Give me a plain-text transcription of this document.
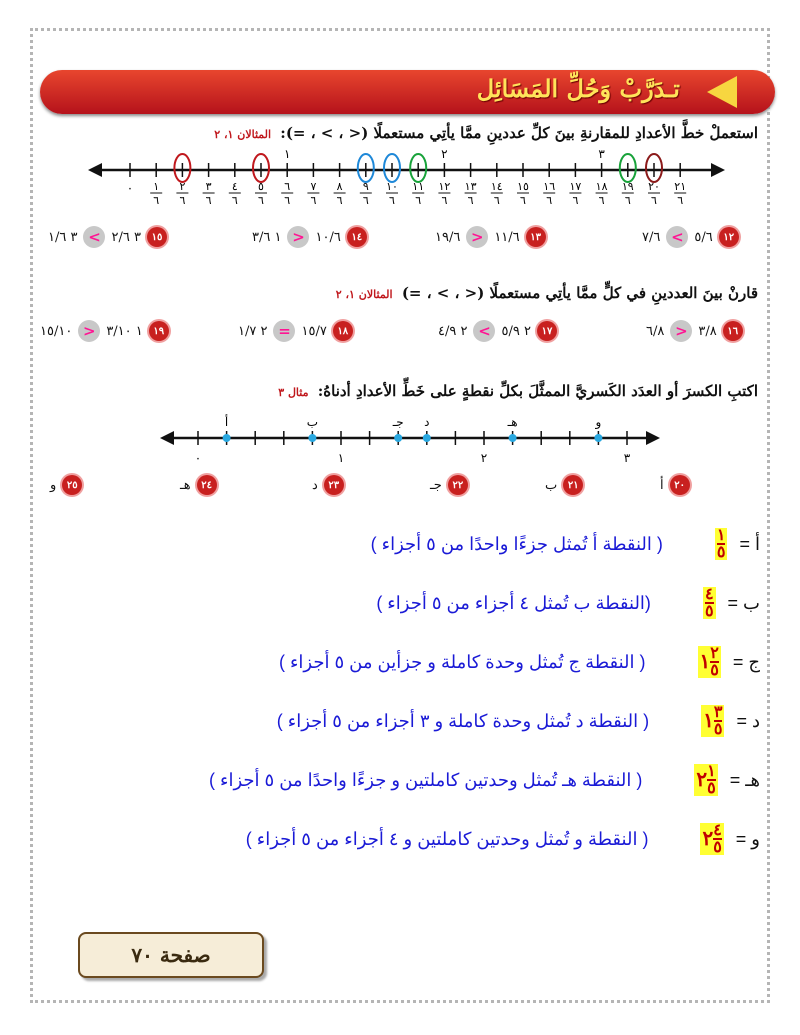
تـدَرَّبْ وَحُلِّ المَسَائِل
استعملْ خطَّ الأعدادِ للمقارنةِ بينَ كلِّ عددينِ ممَّا يأتِي مستعملًا (< ، > ، =): المثالان ١، ٢
٠ ١
٦
٢
٦
٣
٦
٤
٦
٥
٦
٦
٦
٧
٦
٨
٦
٩
٦
١٠
٦
١١
٦
١٢
٦
١٣
٦
١٤
٦
١٥
٦
١٦
٦
١٧
٦
١٨
٦
١٩
٦
٢٠
٦
٢١
٦
١	٢	٣
٣ ١/٦ < ٣ ٢/٦	١٥	١ ٣/٦ > ١٠/٦	١٤	١٩/٦ > ١١/٦	١٣	٧/٦ < ٥/٦	١٢
قارنْ بينَ العددينِ في كلٍّ ممَّا يأتِي مستعملًا (< ، > ، =) المثالان ١، ٢
١٥/١٠ > ١ ٣/١٠	١٩	٢ ١/٧ = ١٥/٧	١٨	٢ ٤/٩ < ٢ ٥/٩	١٧	٦/٨ > ٣/٨	١٦
اكتبِ الكسرَ أو العدَد الكَسريَّ الممثَّلَ بكلِّ نقطةٍ على خَطِّ الأعدادِ أدناهُ: مثال ٣
٠	١	٢	٣
أ	ب	جـ د	هـ	و
أ	٢٠
ب	٢١
جـ	٢٢
د	٢٣
هـ	٢٤
و	٢٥
أ =
١
٥
( النقطة أ تُمثل جزءًا واحدًا من ٥ أجزاء )
ب =
٤
٥
(النقطة ب تُمثل ٤ أجزاء من ٥ أجزاء )
ج =
١ ٢
٥
( النقطة ج تُمثل وحدة كاملة و جزأين من ٥ أجزاء )
د =
١ ٣
٥
( النقطة د تُمثل وحدة كاملة و ٣ أجزاء من ٥ أجزاء )
هـ =
٢ ١
٥
( النقطة هـ تُمثل وحدتين كاملتين و جزءًا واحدًا من ٥ أجزاء )
و =
٢ ٤
٥
( النقطة و تُمثل وحدتين كاملتين و ٤ أجزاء من ٥ أجزاء )
صفحة ٧٠
